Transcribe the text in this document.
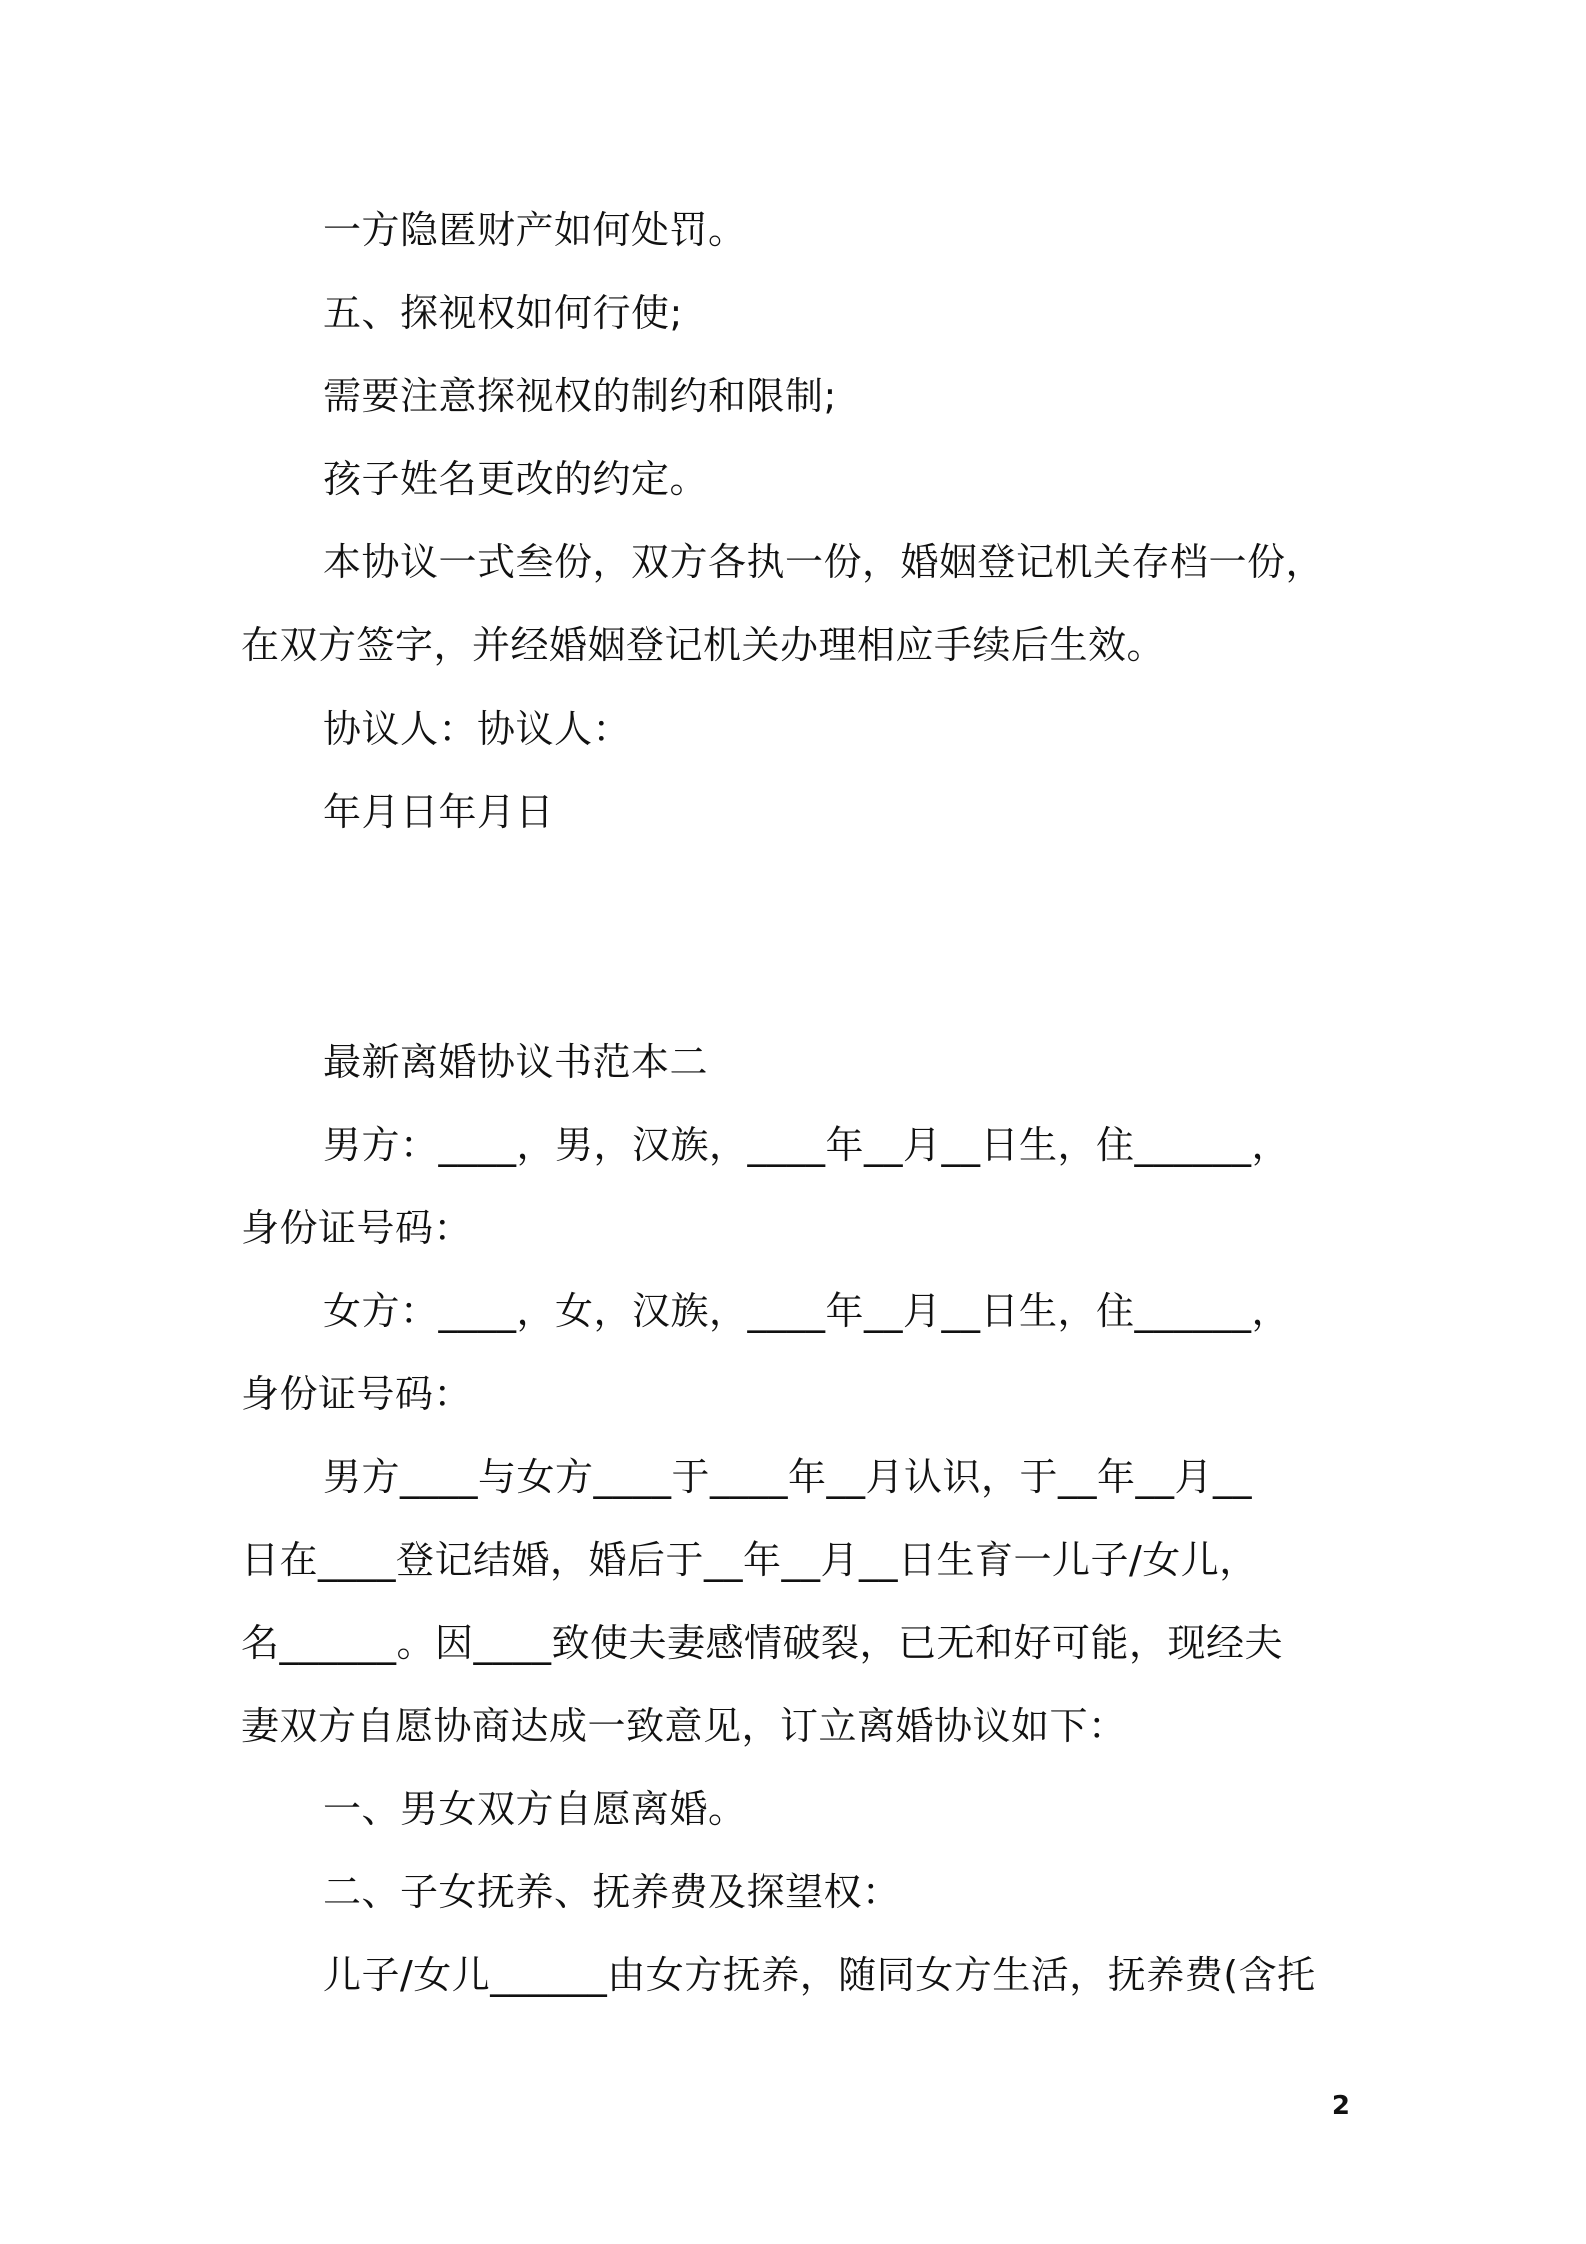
一方隐匿财产如何处罚。

五、探视权如何行使;

需要注意探视权的制约和限制;

孩子姓名更改的约定。

本协议一式叁份，双方各执一份，婚姻登记机关存档一份，

在双方签字，并经婚姻登记机关办理相应手续后生效。

协议人：协议人：

年月日年月日

最新离婚协议书范本二

男方：____，男，汉族，____年__月__日生，住______，

身份证号码：

女方：____，女，汉族，____年__月__日生，住______，

身份证号码：

男方____与女方____于____年__月认识，于__年__月__

日在____登记结婚，婚后于__年__月__日生育一儿子/女儿，

名______。因____致使夫妻感情破裂，已无和好可能，现经夫

妻双方自愿协商达成一致意见，订立离婚协议如下：

一、男女双方自愿离婚。

二、子女抚养、抚养费及探望权：

儿子/女儿______由女方抚养，随同女方生活，抚养费(含托

2
